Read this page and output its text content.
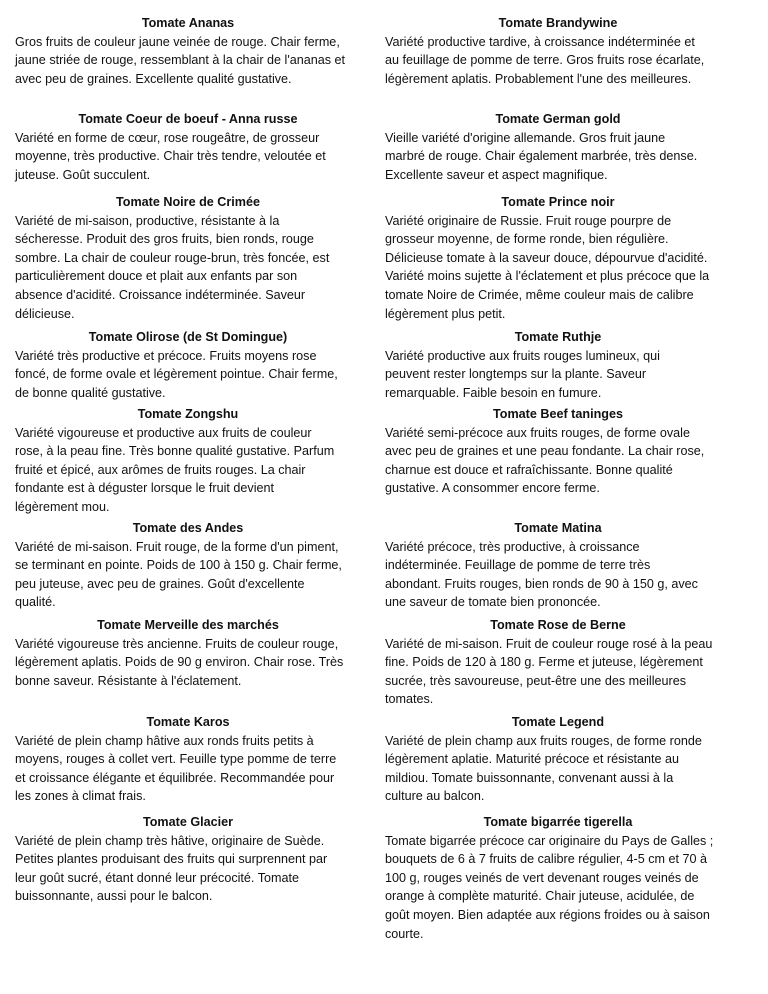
Tomate Ananas
Gros fruits de couleur jaune veinée de rouge. Chair ferme,
jaune striée de rouge, ressemblant à la chair de l'ananas et
avec peu de graines. Excellente qualité gustative.
Tomate Brandywine
Variété productive tardive, à croissance indéterminée et
au feuillage de pomme de terre. Gros fruits rose écarlate,
légèrement aplatis. Probablement l'une des meilleures.
Tomate Coeur de boeuf - Anna russe
Variété en forme de cœur, rose rougeâtre, de grosseur
moyenne, très productive. Chair très tendre, veloutée et
juteuse. Goût succulent.
Tomate German gold
Vieille variété d'origine allemande. Gros fruit jaune
marbré de rouge. Chair également marbrée, très dense.
Excellente saveur et aspect magnifique.
Tomate Noire de Crimée
Variété de mi-saison, productive, résistante à la
sécheresse. Produit des gros fruits, bien ronds, rouge
sombre. La chair de couleur rouge-brun, très foncée, est
particulièrement douce et plait aux enfants par son
absence d'acidité. Croissance indéterminée. Saveur
délicieuse.
Tomate Prince noir
Variété originaire de Russie. Fruit rouge pourpre de
grosseur moyenne, de forme ronde, bien régulière.
Délicieuse tomate à la saveur douce, dépourvue d'acidité.
Variété moins sujette à l'éclatement et plus précoce que la
tomate Noire de Crimée, même couleur mais de calibre
légèrement plus petit.
Tomate Olirose (de St Domingue)
Variété très productive et précoce. Fruits moyens rose
foncé, de forme ovale et légèrement pointue. Chair ferme,
de bonne qualité gustative.
Tomate Ruthje
Variété productive aux fruits rouges lumineux, qui
peuvent rester longtemps sur la plante. Saveur
remarquable. Faible besoin en fumure.
Tomate Zongshu
Variété vigoureuse et productive aux fruits de couleur
rose, à la peau fine. Très bonne qualité gustative. Parfum
fruité et épicé, aux arômes de fruits rouges. La chair
fondante est à déguster lorsque le fruit devient
légèrement mou.
Tomate Beef taninges
Variété semi-précoce aux fruits rouges, de forme ovale
avec peu de graines et une peau fondante. La chair rose,
charnue est douce et rafraîchissante. Bonne qualité
gustative. A consommer encore ferme.
Tomate des Andes
Variété de mi-saison. Fruit rouge, de la forme d'un piment,
se terminant en pointe. Poids de 100 à 150 g. Chair ferme,
peu juteuse, avec peu de graines. Goût d'excellente
qualité.
Tomate Matina
Variété précoce, très productive, à croissance
indéterminée. Feuillage de pomme de terre très
abondant. Fruits rouges, bien ronds de 90 à 150 g, avec
une saveur de tomate bien prononcée.
Tomate Merveille des marchés
Variété vigoureuse très ancienne. Fruits de couleur rouge,
légèrement aplatis. Poids de 90 g environ. Chair rose. Très
bonne saveur. Résistante à l'éclatement.
Tomate Rose de Berne
Variété de mi-saison. Fruit de couleur rouge rosé à la peau
fine. Poids de 120 à 180 g. Ferme et juteuse, légèrement
sucrée, très savoureuse, peut-être une des meilleures
tomates.
Tomate Karos
Variété de plein champ hâtive aux ronds fruits petits à
moyens, rouges à collet vert. Feuille type pomme de terre
et croissance élégante et équilibrée. Recommandée pour
les zones à climat frais.
Tomate Legend
Variété de plein champ aux fruits rouges, de forme ronde
légèrement aplatie. Maturité précoce et résistante au
mildiou. Tomate buissonnante, convenant aussi à la
culture au balcon.
Tomate Glacier
Variété de plein champ très hâtive, originaire de Suède.
Petites plantes produisant des fruits qui surprennent par
leur goût sucré, étant donné leur précocité. Tomate
buissonnante, aussi pour le balcon.
Tomate bigarrée tigerella
Tomate bigarrée précoce car originaire du Pays de Galles ;
bouquets de 6 à 7 fruits de calibre régulier, 4-5 cm et 70 à
100 g, rouges veinés de vert devenant rouges veinés de
orange à complète maturité. Chair juteuse, acidulée, de
goût moyen. Bien adaptée aux régions froides ou à saison
courte.
